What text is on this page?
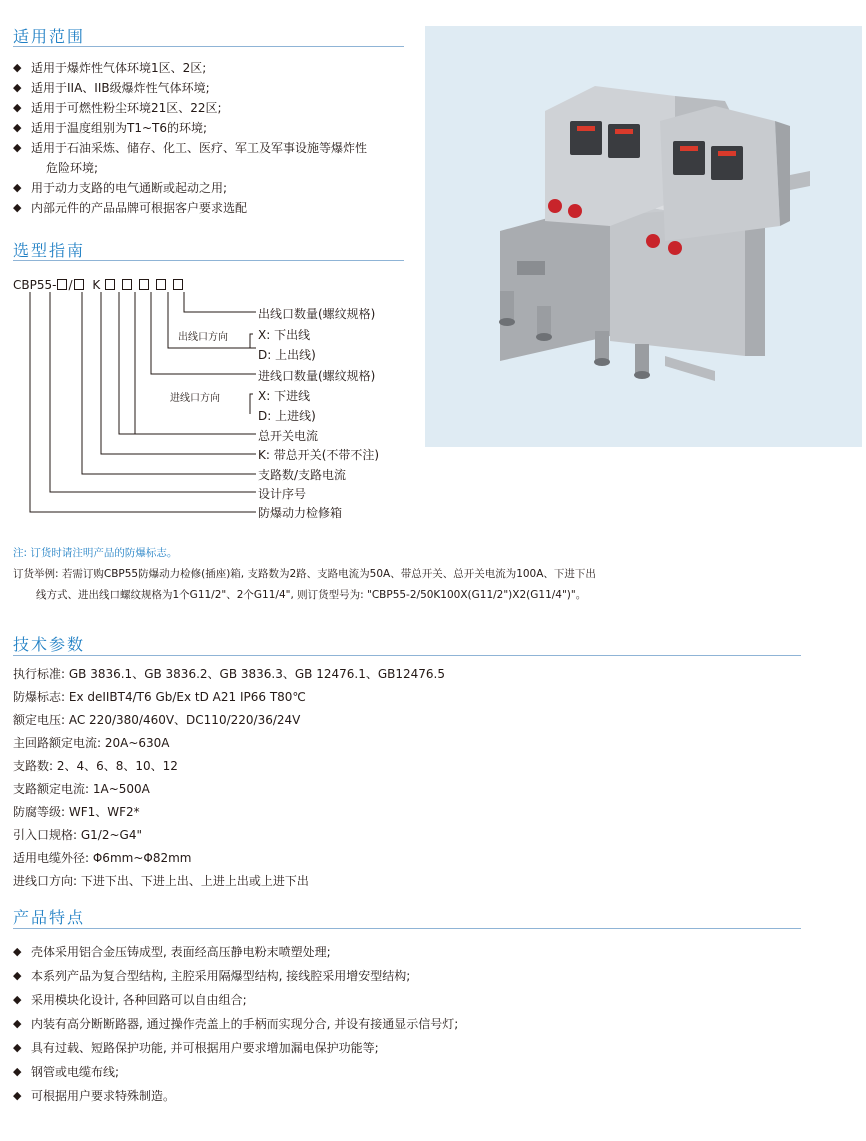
适用范围
◆ 适用于爆炸性气体环境1区、2区;
◆ 适用于IIA、IIB级爆炸性气体环境;
◆ 适用于可燃性粉尘环境21区、22区;
◆ 适用于温度组别为T1~T6的环境;
◆ 适用于石油采炼、储存、化工、医疗、军工及军事设施等爆炸性
危险环境;
◆ 用于动力支路的电气通断或起动之用;
◆ 内部元件的产品品牌可根据客户要求选配
选型指南
CBP55- / K
出线口数量(螺纹规格)
出线口方向	X: 下出线
D: 上出线)
进线口数量(螺纹规格)
进线口方向	X: 下进线
D: 上进线)
总开关电流
K: 带总开关(不带不注)
支路数/支路电流
设计序号
防爆动力检修箱
注: 订货时请注明产品的防爆标志。
订货举例: 若需订购CBP55防爆动力检修(插座)箱, 支路数为2路、支路电流为50A、带总开关、总开关电流为100A、下进下出
线方式、进出线口螺纹规格为1个G11/2"、2个G11/4", 则订货型号为: "CBP55-2/50K100X(G11/2")X2(G11/4")"。
技术参数
执行标准: GB 3836.1、GB 3836.2、GB 3836.3、GB 12476.1、GB12476.5
防爆标志: Ex deIIBT4/T6 Gb/Ex tD A21 IP66 T80℃
额定电压: AC 220/380/460V、DC110/220/36/24V
主回路额定电流: 20A~630A
支路数: 2、4、6、8、10、12
支路额定电流: 1A~500A
防腐等级: WF1、WF2*
引入口规格: G1/2~G4"
适用电缆外径: Φ6mm~Φ82mm
进线口方向: 下进下出、下进上出、上进上出或上进下出
产品特点
◆ 壳体采用铝合金压铸成型, 表面经高压静电粉末喷塑处理;
◆ 本系列产品为复合型结构, 主腔采用隔爆型结构, 接线腔采用增安型结构;
◆ 采用模块化设计, 各种回路可以自由组合;
◆ 内装有高分断断路器, 通过操作壳盖上的手柄而实现分合, 并设有接通显示信号灯;
◆ 具有过载、短路保护功能, 并可根据用户要求增加漏电保护功能等;
◆ 钢管或电缆布线;
◆ 可根据用户要求特殊制造。
